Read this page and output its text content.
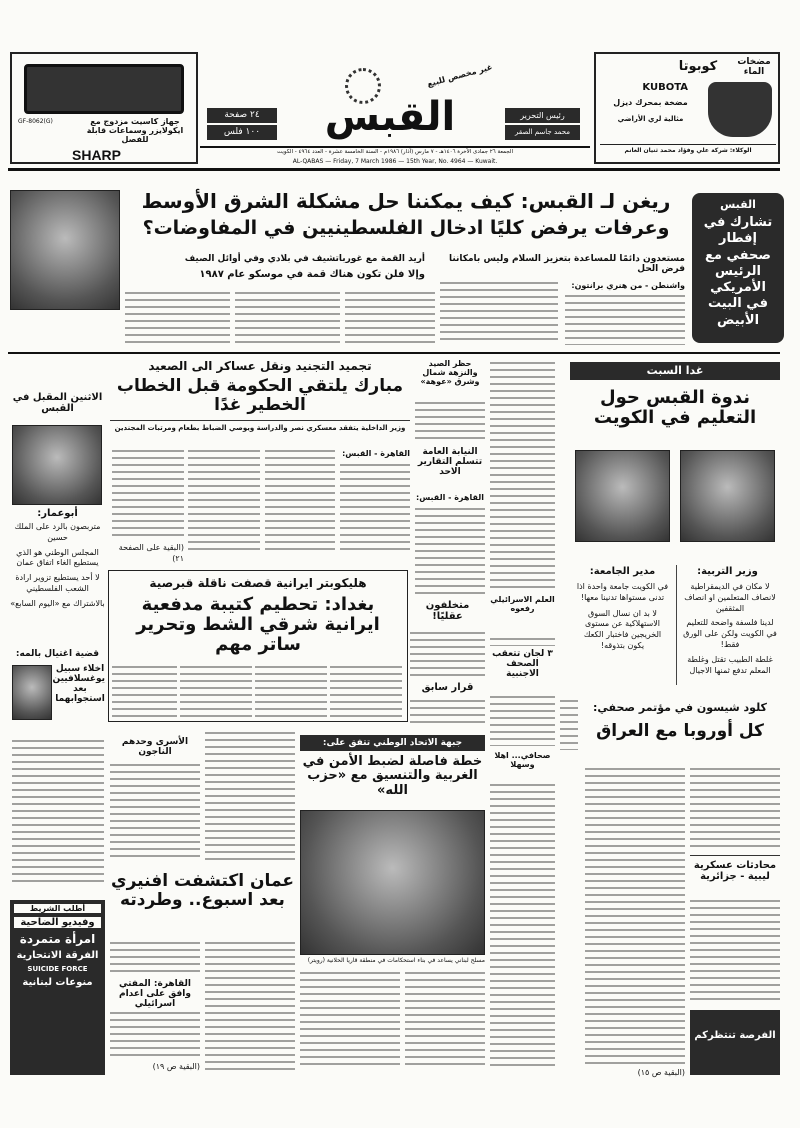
GF-8062(G)	جهاز كاسيت مزدوج مع ايكولايزر وسماعات قابلة للفصل
SHARP
٢٤ صفحة
١٠٠ فلس	القبس
غير مخصص للبيع
رئيس التحرير
محمد جاسم الصقر
مضخات الماء
كوبوتا
KUBOTA
مضخة بمحرك ديزل
مثالية لري الأراضي
الوكلاء: شركة علي وفؤاد محمد ثنيان الغانم
الجمعة ٢٦ جمادى الآخرة ١٤٠٦هـ - ٧ مارس (آذار) ١٩٨٦م - السنة الخامسة عشرة - العدد ٤٩٦٤ - الكويت
AL-QABAS — Friday, 7 March 1986 — 15th Year, No. 4964 — Kuwait.
ريغن لـ القبس: كيف يمكننا حل مشكلة الشرق الأوسط
وعرفات يرفض كليًا ادخال الفلسطينيين في المفاوضات؟
القبس
تشارك في إفطار صحفي مع الرئيس الأمريكي في البيت الأبيض
مستعدون دائمًا للمساعدة بتعزيز السلام وليس بامكاننا فرض الحل
أريد القمة مع غورباتشيف في بلادي وفي أوائل الصيف
وإلا فلن تكون هناك قمة في موسكو عام ١٩٨٧
واشنطن - من هنري برانتون:
الاثنين المقبل في القبس
أبوعمار:
متربصون بالرد على الملك حسين
المجلس الوطني هو الذي يستطيع الغاء اتفاق عمان
لا أحد يستطيع تزوير ارادة الشعب الفلسطيني
بالاشتراك مع «اليوم السابع»
قضية اغتيال بالمه:
اخلاء سبيل يوغسلافيين بعد استجوابهما
تجميد التجنيد ونقل عساكر الى الصعيد
مبارك يلتقي الحكومة قبل الخطاب الخطير غدًا
وزير الداخلية يتفقد معسكري نصر والدراسة ويوصي الضباط بطعام ومرتبات المجندين
القاهرة - القبس:
(البقية على الصفحة ٢١)
حظر الصيد والنزهة شمال وشرق «عوهة»
النيابة العامة تتسلم التقارير الاحد
القاهرة - القبس:
العلم الاسرائيلي رفعوه
٣ لجان تتعقب الصحف الاجنبية
صحافي... اهلا وسهلا
غدا السبت
ندوة القبس حول التعليم في الكويت
مدير الجامعة:	وزير التربية:
في الكويت جامعة واحدة اذا تدنى مستواها تدنينا معها!
لا بد ان نسال السوق الاستهلاكية عن مستوى الخريجين فاختبار الكعك يكون بتذوقه!
لا مكان في الديمقراطية لانصاف المتعلمين او انصاف المثقفين
لدينا فلسفة واضحة للتعليم في الكويت ولكن على الورق فقط!
غلطة الطبيب تقتل وغلطة المعلم تدفع ثمنها الاجيال
هليكوبتر ايرانية قصفت ناقلة قبرصية
بغداد: تحطيم كتيبة مدفعية ايرانية شرقي الشط وتحرير ساتر مهم
الأسرى وحدهم الناجون
متخلفون عقليًا!
قرار سابق
جبهة الاتحاد الوطني تتفق على:
خطة فاصلة لضبط الأمن في الغربية والتنسيق مع «حزب الله»
مسلح لبناني يساعد في بناء استحكامات في منطقة قاريا الحلانية (رويتر)
كلود شيسون في مؤتمر صحفي:
كل أوروبا مع العراق
(البقية ص ١٥)
محادثات عسكرية ليبية - جزائرية
الفرصة تنتظركم
عمان اكتشفت افنيري بعد اسبوع.. وطردته
القاهرة: المفتي وافق على اعدام اسرائيلي
(البقية ص ١٩)
أطلب الشريط
وفيديو الضاحية
امرأة متمردة
الفرقة الانتحارية
SUICIDE FORCE
منوعات لبنانية
